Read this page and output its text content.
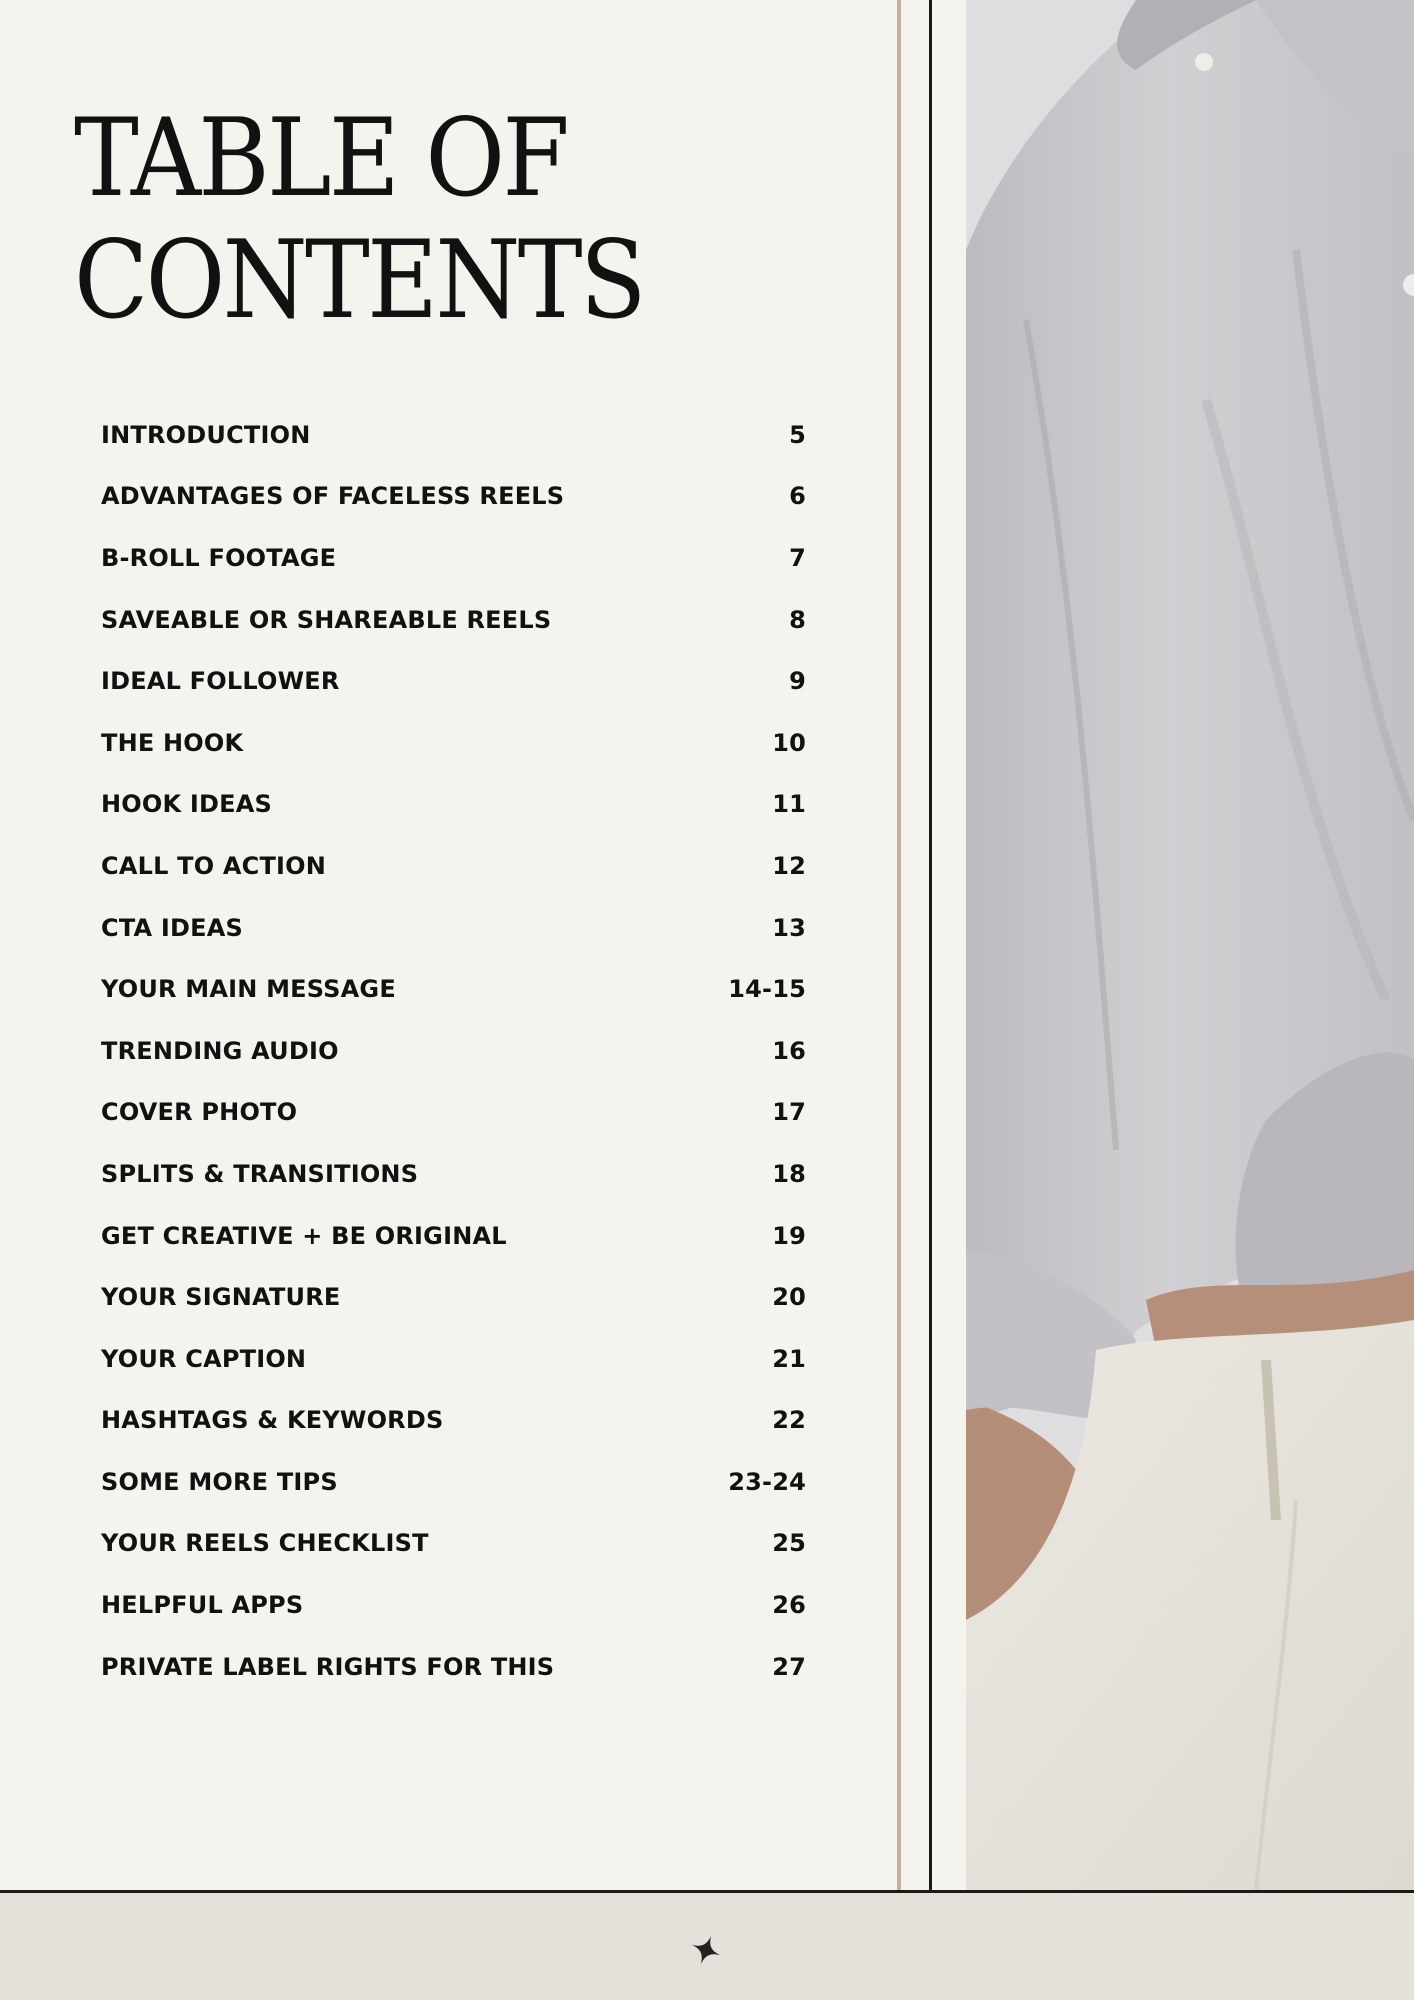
TABLE OF
CONTENTS
INTRODUCTION	5
ADVANTAGES OF FACELESS REELS	6
B-ROLL FOOTAGE	7
SAVEABLE OR SHAREABLE REELS	8
IDEAL FOLLOWER	9
THE HOOK	10
HOOK IDEAS	11
CALL TO ACTION	12
CTA IDEAS	13
YOUR MAIN MESSAGE	14-15
TRENDING AUDIO	16
COVER PHOTO	17
SPLITS & TRANSITIONS	18
GET CREATIVE + BE ORIGINAL	19
YOUR SIGNATURE	20
YOUR CAPTION	21
HASHTAGS & KEYWORDS	22
SOME MORE TIPS	23-24
YOUR REELS CHECKLIST	25
HELPFUL APPS	26
PRIVATE LABEL RIGHTS FOR THIS	27
